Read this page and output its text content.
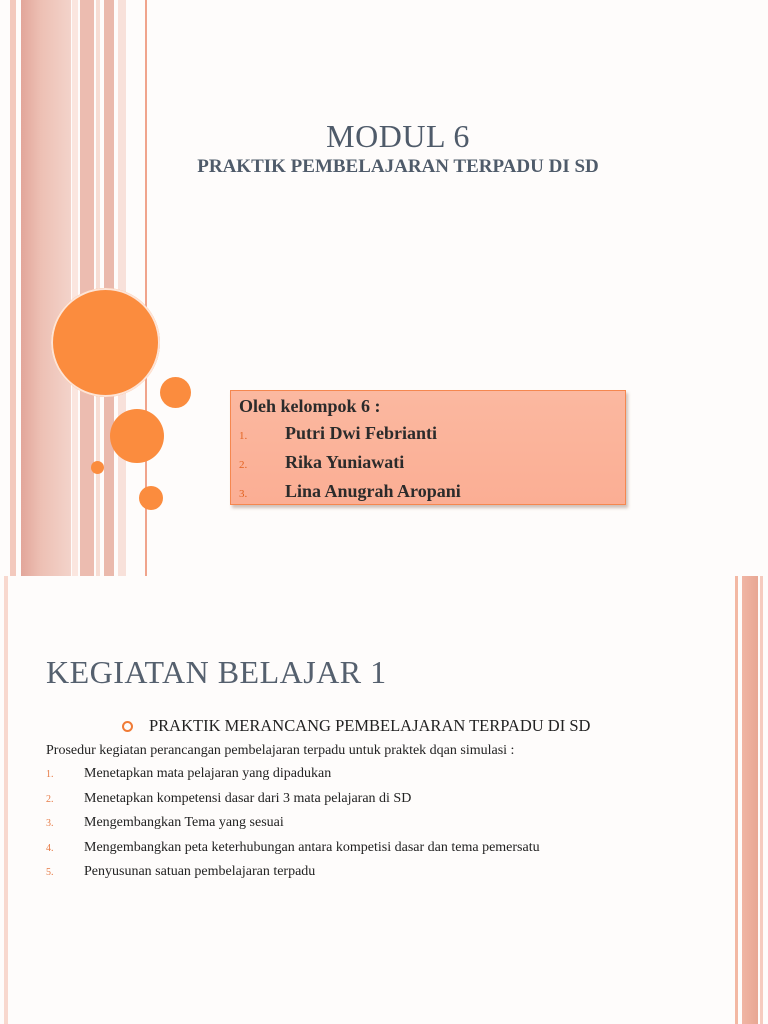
MODUL 6
PRAKTIK PEMBELAJARAN TERPADU DI SD
Oleh kelompok 6 :
1.	Putri Dwi Febrianti
2.	Rika Yuniawati
3.	Lina Anugrah Aropani
KEGIATAN BELAJAR 1
PRAKTIK MERANCANG PEMBELAJARAN TERPADU DI SD
Prosedur kegiatan perancangan pembelajaran terpadu untuk praktek dqan simulasi :
1.	Menetapkan mata pelajaran yang dipadukan
2.	Menetapkan kompetensi dasar dari 3 mata pelajaran di SD
3.	Mengembangkan Tema yang sesuai
4.	Mengembangkan peta keterhubungan antara kompetisi dasar dan tema pemersatu
5.	Penyusunan satuan pembelajaran terpadu
